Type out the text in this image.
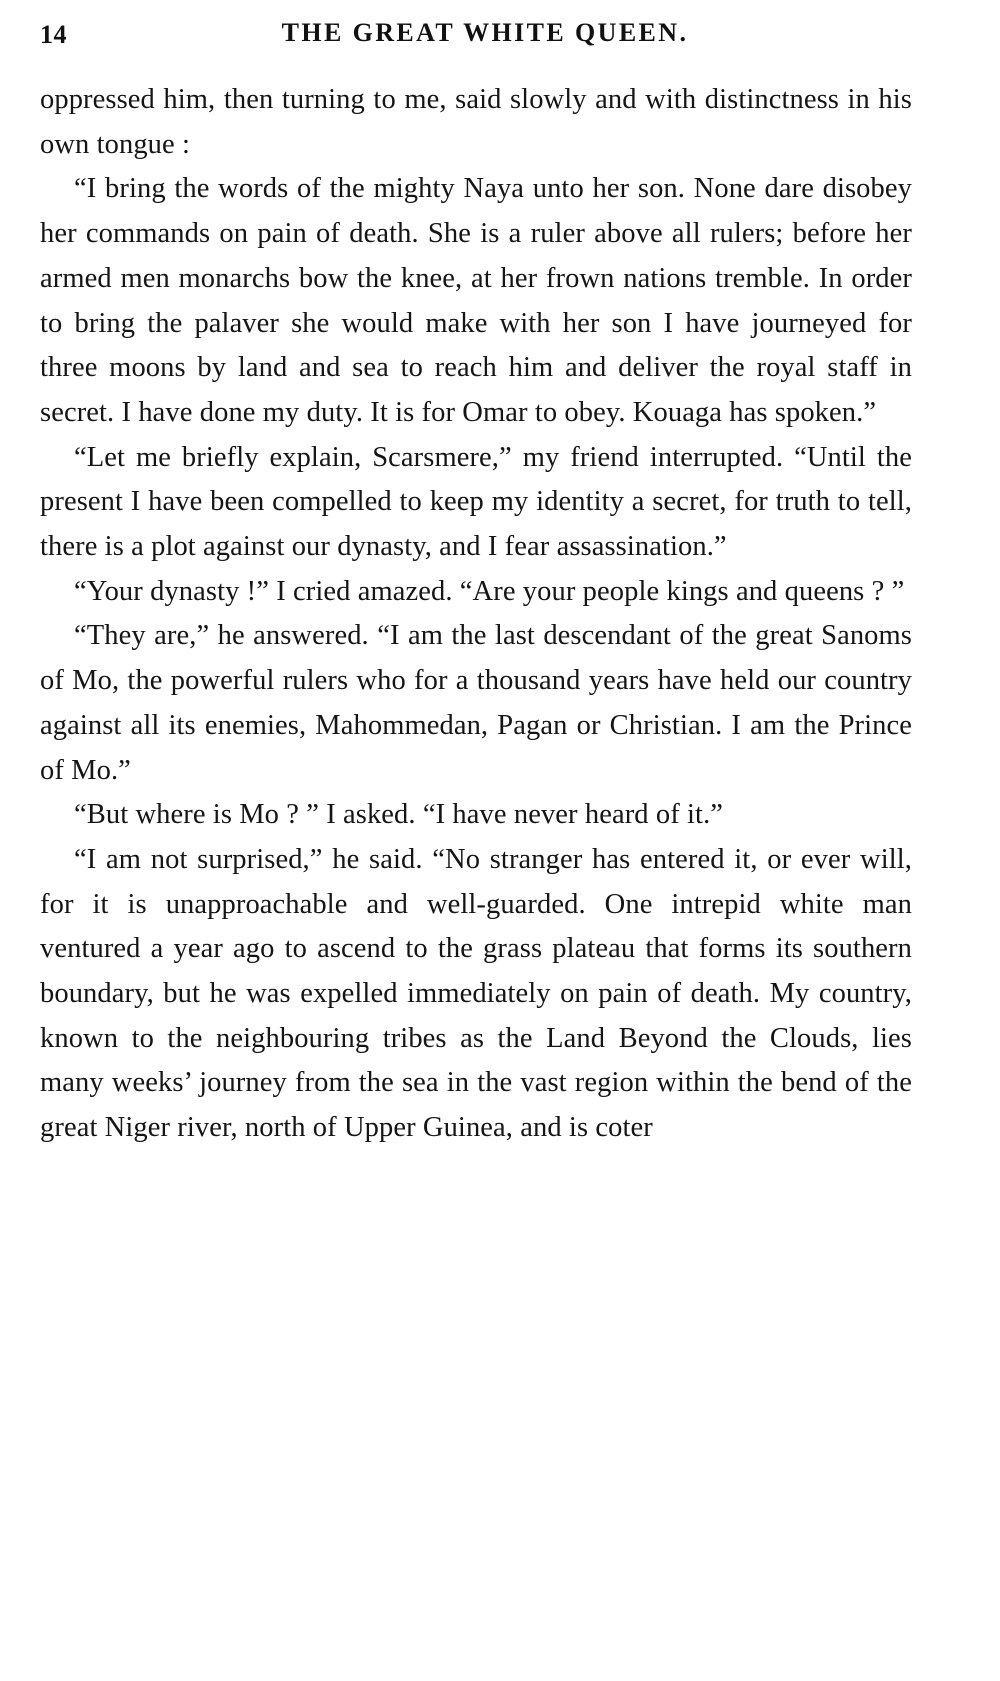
14	THE GREAT WHITE QUEEN.

oppressed him, then turning to me, said slowly and with distinctness in his own tongue :

“I bring the words of the mighty Naya unto her son. None dare disobey her commands on pain of death. She is a ruler above all rulers; before her armed men monarchs bow the knee, at her frown nations tremble. In order to bring the palaver she would make with her son I have journeyed for three moons by land and sea to reach him and deliver the royal staff in secret. I have done my duty. It is for Omar to obey. Kouaga has spoken.”

“Let me briefly explain, Scarsmere,” my friend interrupted. “Until the present I have been compelled to keep my identity a secret, for truth to tell, there is a plot against our dynasty, and I fear assassination.”

“Your dynasty !” I cried amazed. “Are your people kings and queens ? ”

“They are,” he answered. “I am the last descendant of the great Sanoms of Mo, the powerful rulers who for a thousand years have held our country against all its enemies, Mahommedan, Pagan or Christian. I am the Prince of Mo.”

“But where is Mo ? ” I asked. “I have never heard of it.”

“I am not surprised,” he said. “No stranger has entered it, or ever will, for it is unapproachable and well-guarded. One intrepid white man ventured a year ago to ascend to the grass plateau that forms its southern boundary, but he was expelled immediately on pain of death. My country, known to the neighbouring tribes as the Land Beyond the Clouds, lies many weeks’ journey from the sea in the vast region within the bend of the great Niger river, north of Upper Guinea, and is coter
